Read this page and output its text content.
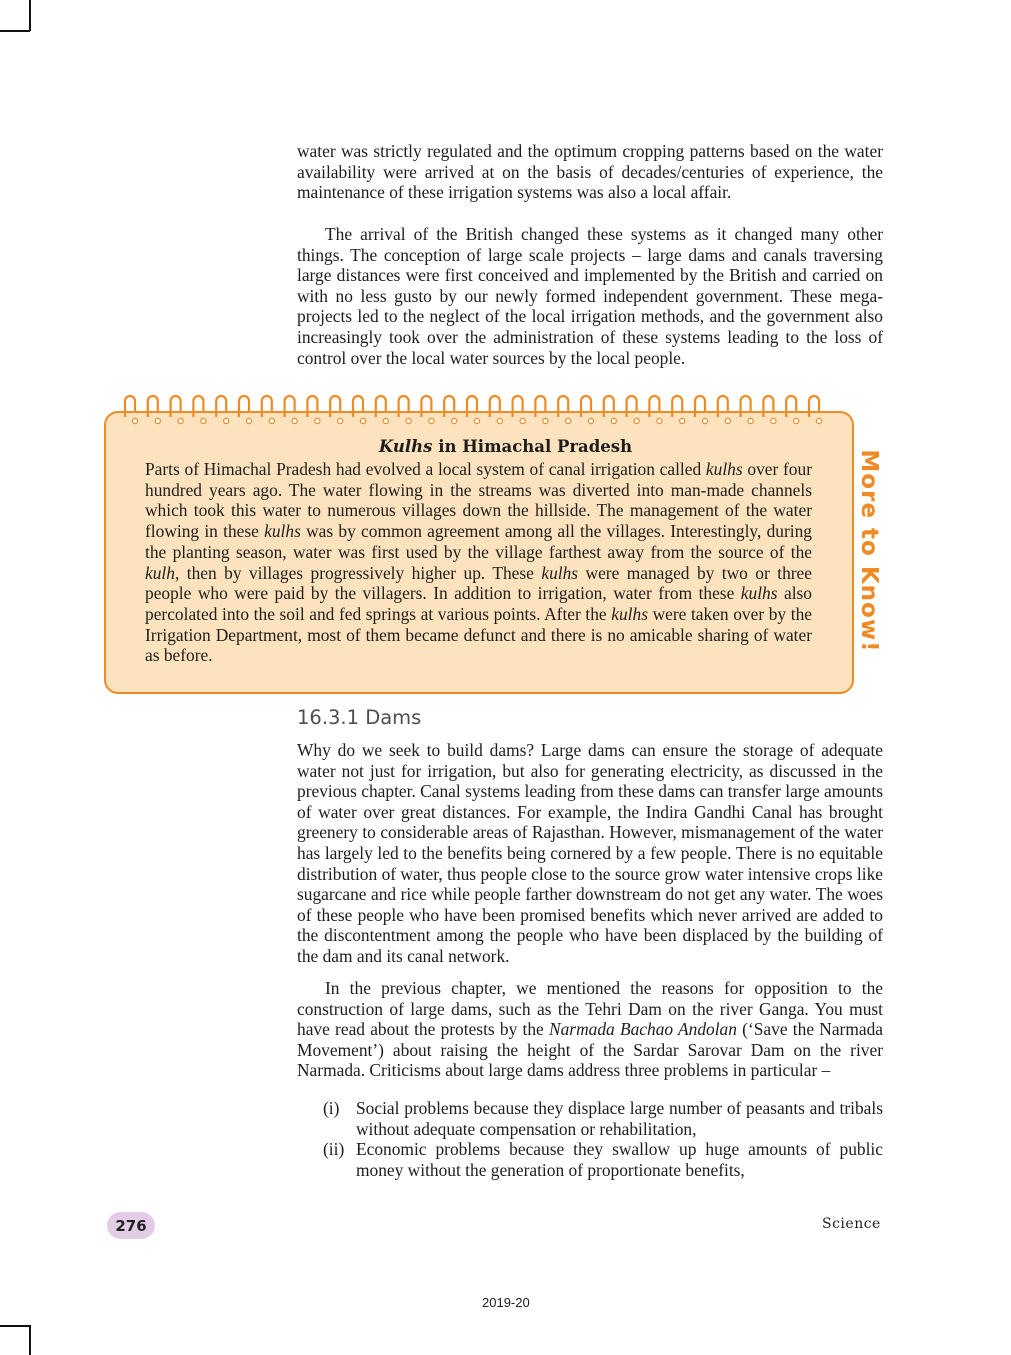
water was strictly regulated and the optimum cropping patterns based on the water availability were arrived at on the basis of decades/centuries of experience, the maintenance of these irrigation systems was also a local affair.

The arrival of the British changed these systems as it changed many other things. The conception of large scale projects – large dams and canals traversing large distances were first conceived and implemented by the British and carried on with no less gusto by our newly formed independent government. These mega-projects led to the neglect of the local irrigation methods, and the government also increasingly took over the administration of these systems leading to the loss of control over the local water sources by the local people.

Kulhs in Himachal Pradesh

Parts of Himachal Pradesh had evolved a local system of canal irrigation called kulhs over four hundred years ago. The water flowing in the streams was diverted into man-made channels which took this water to numerous villages down the hillside. The management of the water flowing in these kulhs was by common agreement among all the villages. Interestingly, during the planting season, water was first used by the village farthest away from the source of the kulh, then by villages progressively higher up. These kulhs were managed by two or three people who were paid by the villagers. In addition to irrigation, water from these kulhs also percolated into the soil and fed springs at various points. After the kulhs were taken over by the Irrigation Department, most of them became defunct and there is no amicable sharing of water as before.

More to Know!
16.3.1 Dams

Why do we seek to build dams? Large dams can ensure the storage of adequate water not just for irrigation, but also for generating electricity, as discussed in the previous chapter. Canal systems leading from these dams can transfer large amounts of water over great distances. For example, the Indira Gandhi Canal has brought greenery to considerable areas of Rajasthan. However, mismanagement of the water has largely led to the benefits being cornered by a few people. There is no equitable distribution of water, thus people close to the source grow water intensive crops like sugarcane and rice while people farther downstream do not get any water. The woes of these people who have been promised benefits which never arrived are added to the discontentment among the people who have been displaced by the building of the dam and its canal network.

In the previous chapter, we mentioned the reasons for opposition to the construction of large dams, such as the Tehri Dam on the river Ganga. You must have read about the protests by the Narmada Bachao Andolan (‘Save the Narmada Movement’) about raising the height of the Sardar Sarovar Dam on the river Narmada. Criticisms about large dams address three problems in particular –

(i) Social problems because they displace large number of peasants and tribals without adequate compensation or rehabilitation,
(ii) Economic problems because they swallow up huge amounts of public money without the generation of proportionate benefits,
276	Science
2019-20
